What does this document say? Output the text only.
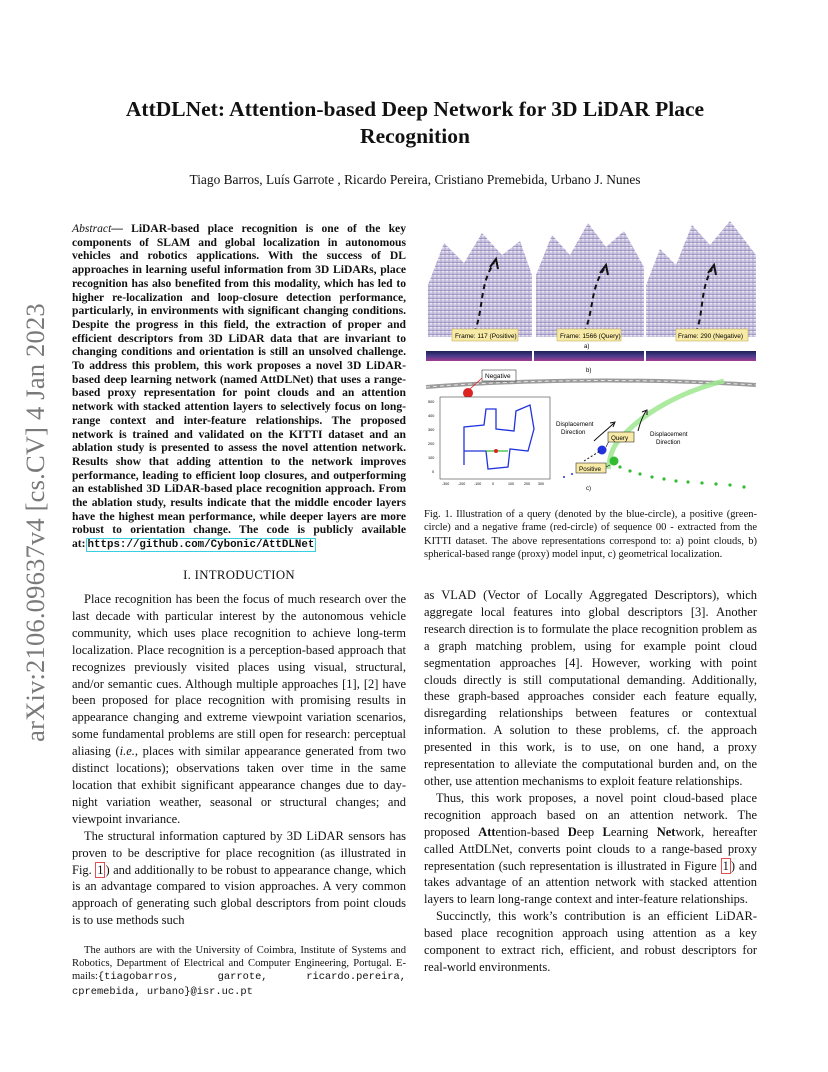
arXiv:2106.09637v4 [cs.CV] 4 Jan 2023
AttDLNet: Attention-based Deep Network for 3D LiDAR Place
Recognition
Tiago Barros, Luís Garrote , Ricardo Pereira, Cristiano Premebida, Urbano J. Nunes
Abstract— LiDAR-based place recognition is one of the key components of SLAM and global localization in autonomous vehicles and robotics applications. With the success of DL approaches in learning useful information from 3D LiDARs, place recognition has also benefited from this modality, which has led to higher re-localization and loop-closure detection performance, particularly, in environments with significant changing conditions. Despite the progress in this field, the extraction of proper and efficient descriptors from 3D LiDAR data that are invariant to changing conditions and orientation is still an unsolved challenge. To address this problem, this work proposes a novel 3D LiDAR-based deep learning network (named AttDLNet) that uses a range-based proxy representation for point clouds and an attention network with stacked attention layers to selectively focus on long-range context and inter-feature relationships. The proposed network is trained and validated on the KITTI dataset and an ablation study is presented to assess the novel attention network. Results show that adding attention to the network improves performance, leading to efficient loop closures, and outperforming an established 3D LiDAR-based place recognition approach. From the ablation study, results indicate that the middle encoder layers have the highest mean performance, while deeper layers are more robust to orientation change. The code is publicly available at: https://github.com/Cybonic/AttDLNet
I. INTRODUCTION

Place recognition has been the focus of much research over the last decade with particular interest by the autonomous vehicle community, which uses place recognition to achieve long-term localization. Place recognition is a perception-based approach that recognizes previously visited places using visual, structural, and/or semantic cues. Although multiple approaches [1], [2] have been proposed for place recognition with promising results in appearance changing and extreme viewpoint variation scenarios, some fundamental problems are still open for research: perceptual aliasing (i.e., places with similar appearance generated from two distinct locations); observations taken over time in the same location that exhibit significant appearance changes due to day-night variation weather, seasonal or structural changes; and viewpoint invariance.

The structural information captured by 3D LiDAR sensors has proven to be descriptive for place recognition (as illustrated in Fig. 1 ) and additionally to be robust to appearance change, which is an advantage compared to vision approaches. A very common approach of generating such global descriptors from point clouds is to use methods such

The authors are with the University of Coimbra, Institute of Systems and Robotics, Department of Electrical and Computer Engineering, Portugal. E-mails:{tiagobarros, garrote, ricardo.pereira, cpremebida, urbano}@isr.uc.pt
Frame: 117 (Positive)	Frame: 1566 (Query)	Frame: 290 (Negative)
a)
b)
Negative
500
400
300
200
100
0
-300 -200 -100	0	100	200 300
Query
Positive
Displacement
Direction	Displacement
Direction
c)
Fig. 1. Illustration of a query (denoted by the blue-circle), a positive (green-circle) and a negative frame (red-circle) of sequence 00 - extracted from the KITTI dataset. The above representations correspond to: a) point clouds, b) spherical-based range (proxy) model input, c) geometrical localization.

as VLAD (Vector of Locally Aggregated Descriptors), which aggregate local features into global descriptors [3]. Another research direction is to formulate the place recognition problem as a graph matching problem, using for example point cloud segmentation approaches [4]. However, working with point clouds directly is still computational demanding. Additionally, these graph-based approaches consider each feature equally, disregarding relationships between features or contextual information. A solution to these problems, cf. the approach presented in this work, is to use, on one hand, a proxy representation to alleviate the computational burden and, on the other, use attention mechanisms to exploit feature relationships.

Thus, this work proposes, a novel point cloud-based place recognition approach based on an attention network. The proposed Attention-based Deep Learning Network, hereafter called AttDLNet, converts point clouds to a range-based proxy representation (such representation is illustrated in Figure 1 ) and takes advantage of an attention network with stacked attention layers to learn long-range context and inter-feature relationships.

Succinctly, this work’s contribution is an efficient LiDAR-based place recognition approach using attention as a key component to extract rich, efficient, and robust descriptors for real-world environments.
